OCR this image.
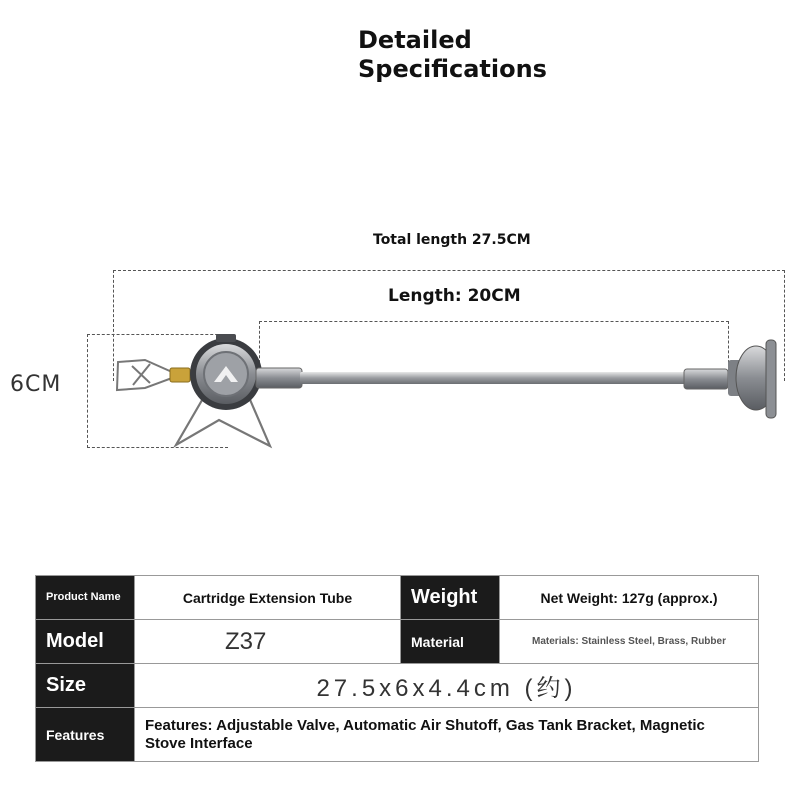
Detailed
Specifications
Total length 27.5CM
Length: 20CM
6CM
Product Name	Cartridge Extension Tube	Weight	Net Weight: 127g (approx.)
Model	Z37	Material	Materials: Stainless Steel, Brass, Rubber
Size	27.5x6x4.4cm (约)		
Features	Features: Adjustable Valve, Automatic Air Shutoff, Gas Tank Bracket, Magnetic Stove Interface		
